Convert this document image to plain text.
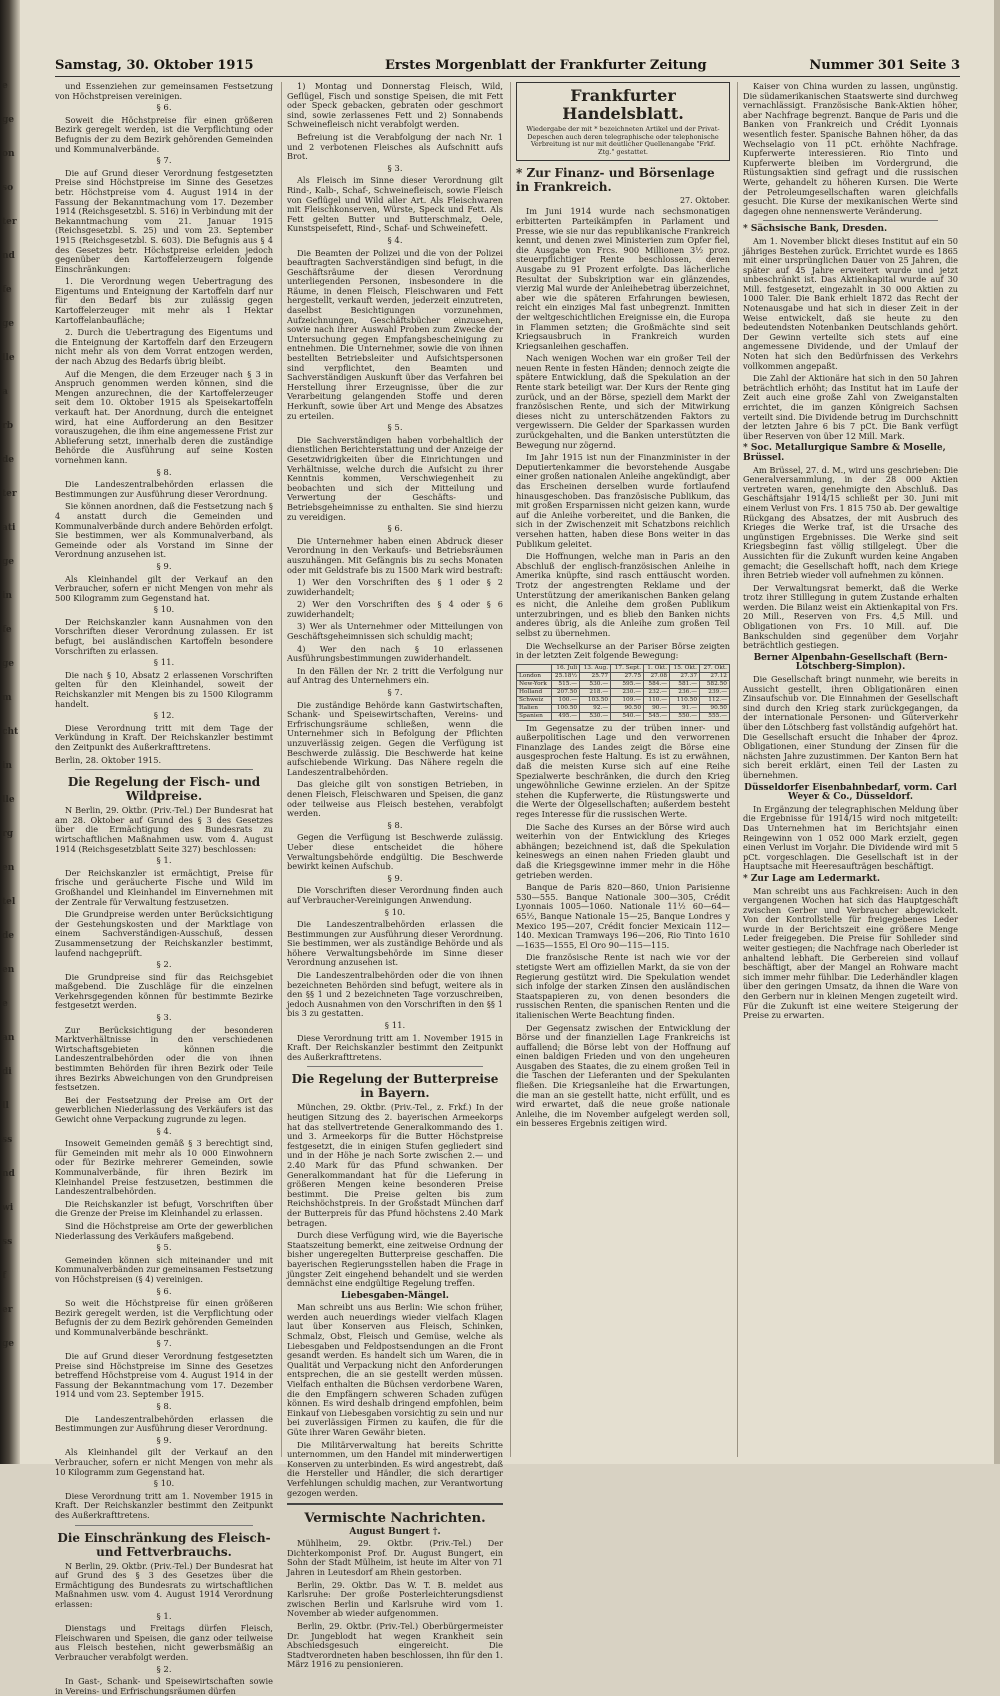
e
ge
on
so
ter
nd
fe
ge
lle
a
rb
de
ter
ati
ge
in
fe
ge
m
cht
in
lle
rg
en
tel
de
en
e
an
di
ll
ss
nd
wi
ss
f
er
ge
Samstag, 30. Oktober 1915	Erstes Morgenblatt der Frankfurter Zeitung	Nummer 301 Seite 3

und Essenziehen zur gemeinsamen Festsetzung von Höchstpreisen vereinigen.

§ 6.

Soweit die Höchstpreise für einen größeren Bezirk geregelt werden, ist die Verpflichtung oder Befugnis der zu dem Bezirk gehörenden Gemeinden und Kommunalverbände.

§ 7.

Die auf Grund dieser Verordnung festgesetzten Preise sind Höchstpreise im Sinne des Gesetzes betr. Höchstpreise vom 4. August 1914 in der Fassung der Bekanntmachung vom 17. Dezember 1914 (Reichsgesetzbl. S. 516) in Verbindung mit der Bekanntmachung vom 21. Januar 1915 (Reichsgesetzbl. S. 25) und vom 23. September 1915 (Reichsgesetzbl. S. 603). Die Befugnis aus § 4 des Gesetzes betr. Höchstpreise erleiden jedoch gegenüber den Kartoffelerzeugern folgende Einschränkungen:

1. Die Verordnung wegen Uebertragung des Eigentums und Enteignung der Kartoffeln darf nur für den Bedarf bis zur zulässig gegen Kartoffelerzeuger mit mehr als 1 Hektar Kartoffelanbaufläche;

2. Durch die Uebertragung des Eigentums und die Enteignung der Kartoffeln darf den Erzeugern nicht mehr als von dem Vorrat entzogen werden, der nach Abzug des Bedarfs übrig bleibt.

Auf die Mengen, die dem Erzeuger nach § 3 in Anspruch genommen werden können, sind die Mengen anzurechnen, die der Kartoffelerzeuger seit dem 10. Oktober 1915 als Speisekartoffeln verkauft hat. Der Anordnung, durch die enteignet wird, hat eine Aufforderung an den Besitzer vorauszugehen, die ihm eine angemessene Frist zur Ablieferung setzt, innerhalb deren die zuständige Behörde die Ausführung auf seine Kosten vornehmen kann.

§ 8.

Die Landeszentralbehörden erlassen die Bestimmungen zur Ausführung dieser Verordnung.

Sie können anordnen, daß die Festsetzung nach § 4 anstatt durch die Gemeinden und Kommunalverbände durch andere Behörden erfolgt. Sie bestimmen, wer als Kommunalverband, als Gemeinde oder als Vorstand im Sinne der Verordnung anzusehen ist.

§ 9.

Als Kleinhandel gilt der Verkauf an den Verbraucher, sofern er nicht Mengen von mehr als 500 Kilogramm zum Gegenstand hat.

§ 10.

Der Reichskanzler kann Ausnahmen von den Vorschriften dieser Verordnung zulassen. Er ist befugt, bei ausländischen Kartoffeln besondere Vorschriften zu erlassen.

§ 11.

Die nach § 10, Absatz 2 erlassenen Vorschriften gelten für den Kleinhandel, soweit der Reichskanzler mit Mengen bis zu 1500 Kilogramm handelt.

§ 12.

Diese Verordnung tritt mit dem Tage der Verkündung in Kraft. Der Reichskanzler bestimmt den Zeitpunkt des Außerkrafttretens.

Berlin, 28. Oktober 1915.

Die Regelung der Fisch- und Wildpreise.

N Berlin, 29. Oktbr. (Priv.-Tel.) Der Bundesrat hat am 28. Oktober auf Grund des § 3 des Gesetzes über die Ermächtigung des Bundesrats zu wirtschaftlichen Maßnahmen usw. vom 4. August 1914 (Reichsgesetzblatt Seite 327) beschlossen:

§ 1.

Der Reichskanzler ist ermächtigt, Preise für frische und geräucherte Fische und Wild im Großhandel und Kleinhandel im Einvernehmen mit der Zentrale für Verwaltung festzusetzen.

Die Grundpreise werden unter Berücksichtigung der Gestehungskosten und der Marktlage von einem Sachverständigen-Ausschuß, dessen Zusammensetzung der Reichskanzler bestimmt, laufend nachgeprüft.

§ 2.

Die Grundpreise sind für das Reichsgebiet maßgebend. Die Zuschläge für die einzelnen Verkehrsgegenden können für bestimmte Bezirke festgesetzt werden.

§ 3.

Zur Berücksichtigung der besonderen Marktverhältnisse in den verschiedenen Wirtschaftsgebieten können die Landeszentralbehörden oder die von ihnen bestimmten Behörden für ihren Bezirk oder Teile ihres Bezirks Abweichungen von den Grundpreisen festsetzen.

Bei der Festsetzung der Preise am Ort der gewerblichen Niederlassung des Verkäufers ist das Gewicht ohne Verpackung zugrunde zu legen.

§ 4.

Insoweit Gemeinden gemäß § 3 berechtigt sind, für Gemeinden mit mehr als 10 000 Einwohnern oder für Bezirke mehrerer Gemeinden, sowie Kommunalverbände, für ihren Bezirk im Kleinhandel Preise festzusetzen, bestimmen die Landeszentralbehörden.

Die Reichskanzler ist befugt, Vorschriften über die Grenze der Preise im Kleinhandel zu erlassen.

Sind die Höchstpreise am Orte der gewerblichen Niederlassung des Verkäufers maßgebend.

§ 5.

Gemeinden können sich miteinander und mit Kommunalverbänden zur gemeinsamen Festsetzung von Höchstpreisen (§ 4) vereinigen.

§ 6.

So weit die Höchstpreise für einen größeren Bezirk geregelt werden, ist die Verpflichtung oder Befugnis der zu dem Bezirk gehörenden Gemeinden und Kommunalverbände beschränkt.

§ 7.

Die auf Grund dieser Verordnung festgesetzten Preise sind Höchstpreise im Sinne des Gesetzes betreffend Höchstpreise vom 4. August 1914 in der Fassung der Bekanntmachung vom 17. Dezember 1914 und vom 23. September 1915.

§ 8.

Die Landeszentralbehörden erlassen die Bestimmungen zur Ausführung dieser Verordnung.

§ 9.

Als Kleinhandel gilt der Verkauf an den Verbraucher, sofern er nicht Mengen von mehr als 10 Kilogramm zum Gegenstand hat.

§ 10.

Diese Verordnung tritt am 1. November 1915 in Kraft. Der Reichskanzler bestimmt den Zeitpunkt des Außerkrafttretens.

Die Einschränkung des Fleisch- und Fettverbrauchs.

N Berlin, 29. Oktbr. (Priv.-Tel.) Der Bundesrat hat auf Grund des § 3 des Gesetzes über die Ermächtigung des Bundesrats zu wirtschaftlichen Maßnahmen usw. vom 4. August 1914 Verordnung erlassen:

§ 1.

Dienstags und Freitags dürfen Fleisch, Fleischwaren und Speisen, die ganz oder teilweise aus Fleisch bestehen, nicht gewerbsmäßig an Verbraucher verabfolgt werden.

§ 2.

In Gast-, Schank- und Speisewirtschaften sowie in Vereins- und Erfrischungsräumen dürfen

1) Montag und Donnerstag Fleisch, Wild, Geflügel, Fisch und sonstige Speisen, die mit Fett oder Speck gebacken, gebraten oder geschmort sind, sowie zerlassenes Fett und 2) Sonnabends Schweinefleisch nicht verabfolgt werden.

Befreiung ist die Verabfolgung der nach Nr. 1 und 2 verbotenen Fleisches als Aufschnitt aufs Brot.

§ 3.

Als Fleisch im Sinne dieser Verordnung gilt Rind-, Kalb-, Schaf-, Schweinefleisch, sowie Fleisch von Geflügel und Wild aller Art. Als Fleischwaren mit Fleischkonserven, Würste, Speck und Fett. Als Fett gelten Butter und Butterschmalz, Oele, Kunstspeisefett, Rind-, Schaf- und Schweinefett.

§ 4.

Die Beamten der Polizei und die von der Polizei beauftragten Sachverständigen sind befugt, in die Geschäftsräume der diesen Verordnung unterliegenden Personen, insbesondere in die Räume, in denen Fleisch, Fleischwaren und Fett hergestellt, verkauft werden, jederzeit einzutreten, daselbst Besichtigungen vorzunehmen, Aufzeichnungen, Geschäftsbücher einzusehen, sowie nach ihrer Auswahl Proben zum Zwecke der Untersuchung gegen Empfangsbescheinigung zu entnehmen. Die Unternehmer, sowie die von ihnen bestellten Betriebsleiter und Aufsichtspersonen sind verpflichtet, den Beamten und Sachverständigen Auskunft über das Verfahren bei Herstellung ihrer Erzeugnisse, über die zur Verarbeitung gelangenden Stoffe und deren Herkunft, sowie über Art und Menge des Absatzes zu erteilen.

§ 5.

Die Sachverständigen haben vorbehaltlich der dienstlichen Berichterstattung und der Anzeige der Gesetzwidrigkeiten über die Einrichtungen und Verhältnisse, welche durch die Aufsicht zu ihrer Kenntnis kommen, Verschwiegenheit zu beobachten und sich der Mitteilung und Verwertung der Geschäfts- und Betriebsgeheimnisse zu enthalten. Sie sind hierzu zu vereidigen.

§ 6.

Die Unternehmer haben einen Abdruck dieser Verordnung in den Verkaufs- und Betriebsräumen auszuhängen. Mit Gefängnis bis zu sechs Monaten oder mit Geldstrafe bis zu 1500 Mark wird bestraft:

1) Wer den Vorschriften des § 1 oder § 2 zuwiderhandelt;

2) Wer den Vorschriften des § 4 oder § 6 zuwiderhandelt;

3) Wer als Unternehmer oder Mitteilungen von Geschäftsgeheimnissen sich schuldig macht;

4) Wer den nach § 10 erlassenen Ausführungsbestimmungen zuwiderhandelt.

In den Fällen der Nr. 2 tritt die Verfolgung nur auf Antrag des Unternehmers ein.

§ 7.

Die zuständige Behörde kann Gastwirtschaften, Schank- und Speisewirtschaften, Vereins- und Erfrischungsräume schließen, wenn die Unternehmer sich in Befolgung der Pflichten unzuverlässig zeigen. Gegen die Verfügung ist Beschwerde zulässig. Die Beschwerde hat keine aufschiebende Wirkung. Das Nähere regeln die Landeszentralbehörden.

Das gleiche gilt von sonstigen Betrieben, in denen Fleisch, Fleischwaren und Speisen, die ganz oder teilweise aus Fleisch bestehen, verabfolgt werden.

§ 8.

Gegen die Verfügung ist Beschwerde zulässig. Ueber diese entscheidet die höhere Verwaltungsbehörde endgültig. Die Beschwerde bewirkt keinen Aufschub.

§ 9.

Die Vorschriften dieser Verordnung finden auch auf Verbraucher-Vereinigungen Anwendung.

§ 10.

Die Landeszentralbehörden erlassen die Bestimmungen zur Ausführung dieser Verordnung. Sie bestimmen, wer als zuständige Behörde und als höhere Verwaltungsbehörde im Sinne dieser Verordnung anzusehen ist.

Die Landeszentralbehörden oder die von ihnen bezeichneten Behörden sind befugt, weitere als in den §§ 1 und 2 bezeichneten Tage vorzuschreiben, jedoch Ausnahmen von den Vorschriften in den §§ 1 bis 3 zu gestatten.

§ 11.

Diese Verordnung tritt am 1. November 1915 in Kraft. Der Reichskanzler bestimmt den Zeitpunkt des Außerkrafttretens.

Die Regelung der Butterpreise in Bayern.

München, 29. Oktbr. (Priv.-Tel., z. Frkf.) In der heutigen Sitzung des 2. bayerischen Armeekorps hat das stellvertretende Generalkommando des 1. und 3. Armeekorps für die Butter Höchstpreise festgesetzt, die in einigen Stufen gegliedert sind und in der Höhe je nach Sorte zwischen 2.— und 2.40 Mark für das Pfund schwanken. Der Generalkommandant hat für die Lieferung in größeren Mengen keine besonderen Preise bestimmt. Die Preise gelten bis zum Reichshöchstpreis. In der Großstadt München darf der Butterpreis für das Pfund höchstens 2.40 Mark betragen.

Durch diese Verfügung wird, wie die Bayerische Staatszeitung bemerkt, eine zeitweise Ordnung der bisher ungeregelten Butterpreise geschaffen. Die bayerischen Regierungsstellen haben die Frage in jüngster Zeit eingehend behandelt und sie werden demnächst eine endgültige Regelung treffen.

Liebesgaben-Mängel.

Man schreibt uns aus Berlin: Wie schon früher, werden auch neuerdings wieder vielfach Klagen laut über Konserven aus Fleisch, Schinken, Schmalz, Obst, Fleisch und Gemüse, welche als Liebesgaben und Feldpostsendungen an die Front gesandt werden. Es handelt sich um Waren, die in Qualität und Verpackung nicht den Anforderungen entsprechen, die an sie gestellt werden müssen. Vielfach enthalten die Büchsen verdorbene Waren, die den Empfängern schweren Schaden zufügen können. Es wird deshalb dringend empfohlen, beim Einkauf von Liebesgaben vorsichtig zu sein und nur bei zuverlässigen Firmen zu kaufen, die für die Güte ihrer Waren Gewähr bieten.

Die Militärverwaltung hat bereits Schritte unternommen, um den Handel mit minderwertigen Konserven zu unterbinden. Es wird angestrebt, daß die Hersteller und Händler, die sich derartiger Verfehlungen schuldig machen, zur Verantwortung gezogen werden.

Vermischte Nachrichten.

August Bungert †.

Mühlheim, 29. Oktbr. (Priv.-Tel.) Der Dichterkomponist Prof. Dr. August Bungert, ein Sohn der Stadt Mülheim, ist heute im Alter von 71 Jahren in Leutesdorf am Rhein gestorben.

Berlin, 29. Oktbr. Das W. T. B. meldet aus Karlsruhe: Der große Posterleichterungsdienst zwischen Berlin und Karlsruhe wird vom 1. November ab wieder aufgenommen.

Berlin, 29. Oktbr. (Priv.-Tel.) Oberbürgermeister Dr. Jungeblodt hat wegen Krankheit sein Abschiedsgesuch eingereicht. Die Stadtverordneten haben beschlossen, ihn für den 1. März 1916 zu pensionieren.

Frankfurter Handelsblatt.
Wiedergabe der mit * bezeichneten Artikel und der Privat-Depeschen auch deren telegraphische oder telephonische Verbreitung ist nur mit deutlicher Quellenangabe "Frkf. Ztg." gestattet.
* Zur Finanz- und Börsenlage in Frankreich.
27. Oktober.

Im Juni 1914 wurde nach sechsmonatigen erbitterten Parteikämpfen in Parlament und Presse, wie sie nur das republikanische Frankreich kennt, und denen zwei Ministerien zum Opfer fiel, die Ausgabe von Frcs. 900 Millionen 3½ proz. steuerpflichtiger Rente beschlossen, deren Ausgabe zu 91 Prozent erfolgte. Das lächerliche Resultat der Subskription war ein glänzendes, vierzig Mal wurde der Anleihebetrag überzeichnet, aber wie die späteren Erfahrungen bewiesen, reicht ein einziges Mal fast unbegrenzt. Inmitten der weltgeschichtlichen Ereignisse ein, die Europa in Flammen setzten; die Großmächte sind seit Kriegsausbruch in Frankreich wurden Kriegsanleihen geschaffen.

Nach wenigen Wochen war ein großer Teil der neuen Rente in festen Händen; dennoch zeigte die spätere Entwicklung, daß die Spekulation an der Rente stark beteiligt war. Der Kurs der Rente ging zurück, und an der Börse, speziell dem Markt der französischen Rente, und sich der Mitwirkung dieses nicht zu unterschätzenden Faktors zu vergewissern. Die Gelder der Sparkassen wurden zurückgehalten, und die Banken unterstützten die Bewegung nur zögernd.

Im Jahr 1915 ist nun der Finanzminister in der Deputiertenkammer die bevorstehende Ausgabe einer großen nationalen Anleihe angekündigt, aber das Erscheinen derselben wurde fortlaufend hinausgeschoben. Das französische Publikum, das mit großen Ersparnissen nicht geizen kann, wurde auf die Anleihe vorbereitet, und die Banken, die sich in der Zwischenzeit mit Schatzbons reichlich versehen hatten, haben diese Bons weiter in das Publikum geleitet.

Die Hoffnungen, welche man in Paris an den Abschluß der englisch-französischen Anleihe in Amerika knüpfte, sind rasch enttäuscht worden. Trotz der angestrengten Reklame und der Unterstützung der amerikanischen Banken gelang es nicht, die Anleihe dem großen Publikum unterzubringen, und es blieb den Banken nichts anderes übrig, als die Anleihe zum großen Teil selbst zu übernehmen.

Die Wechselkurse an der Pariser Börse zeigten in der letzten Zeit folgende Bewegung:

	16. Juli	13. Aug.	17. Sept.	1. Okt.	15. Okt.	27. Okt.
London	25.18½	25.77	27.75	27.08	27.37	27.12
New-York	515.—	530.—	595.—	584.—	581.—	582.50
Holland	207.50	218.—	230.—	232.—	236.—	239.—
Schweiz	100.—	103.50	109.—	110.—	110.50	112.—
Italien	100.50	92.—	90.50	90.—	91.—	90.50
Spanien	495.—	530.—	540.—	545.—	550.—	555.—

Im Gegensatze zu der trüben inner- und außerpolitischen Lage und den verworrenen Finanzlage des Landes zeigt die Börse eine ausgesprochen feste Haltung. Es ist zu erwähnen, daß die meisten Kurse sich auf eine Reihe Spezialwerte beschränken, die durch den Krieg ungewöhnliche Gewinne erzielen. An der Spitze stehen die Kupferwerte, die Rüstungswerte und die Werte der Ölgesellschaften; außerdem besteht reges Interesse für die russischen Werte.

Die Sache des Kurses an der Börse wird auch weiterhin von der Entwicklung des Krieges abhängen; bezeichnend ist, daß die Spekulation keineswegs an einen nahen Frieden glaubt und daß die Kriegsgewinne immer mehr in die Höhe getrieben werden.

Banque de Paris 820—860, Union Parisienne 530—555. Banque Nationale 300—305, Crédit Lyonnais 1005—1060. Nationale 11½ 60—64—65½, Banque Nationale 15—25, Banque Londres y Mexico 195—207, Crédit foncier Mexicain 112—140. Mexican Tramways 196—206, Rio Tinto 1610—1635—1555, El Oro 90—115—115.

Die französische Rente ist nach wie vor der stetigste Wert am offiziellen Markt, da sie von der Regierung gestützt wird. Die Spekulation wendet sich infolge der starken Zinsen den ausländischen Staatspapieren zu, von denen besonders die russischen Renten, die spanischen Renten und die italienischen Werte Beachtung finden.

Der Gegensatz zwischen der Entwicklung der Börse und der finanziellen Lage Frankreichs ist auffallend; die Börse lebt von der Hoffnung auf einen baldigen Frieden und von den ungeheuren Ausgaben des Staates, die zu einem großen Teil in die Taschen der Lieferanten und der Spekulanten fließen. Die Kriegsanleihe hat die Erwartungen, die man an sie gestellt hatte, nicht erfüllt, und es wird erwartet, daß die neue große nationale Anleihe, die im November aufgelegt werden soll, ein besseres Ergebnis zeitigen wird.

Kaiser von China wurden zu lassen, ungünstig. Die südamerikanischen Staatswerte sind durchweg vernachlässigt. Französische Bank-Aktien höher, aber Nachfrage begrenzt. Banque de Paris und die Banken von Frankreich und Crédit Lyonnais wesentlich fester. Spanische Bahnen höher, da das Wechselagio von 11 pCt. erhöhte Nachfrage. Kupferwerte interessieren. Rio Tinto und Kupferwerte bleiben im Vordergrund, die Rüstungsaktien sind gefragt und die russischen Werte, gehandelt zu höheren Kursen. Die Werte der Petroleumgesellschaften waren gleichfalls gesucht. Die Kurse der mexikanischen Werte sind dagegen ohne nennenswerte Veränderung.

* Sächsische Bank, Dresden.

Am 1. November blickt dieses Institut auf ein 50 jähriges Bestehen zurück. Errichtet wurde es 1865 mit einer ursprünglichen Dauer von 25 Jahren, die später auf 45 Jahre erweitert wurde und jetzt unbeschränkt ist. Das Aktienkapital wurde auf 30 Mill. festgesetzt, eingezahlt in 30 000 Aktien zu 1000 Taler. Die Bank erhielt 1872 das Recht der Notenausgabe und hat sich in dieser Zeit in der Weise entwickelt, daß sie heute zu den bedeutendsten Notenbanken Deutschlands gehört. Der Gewinn verteilte sich stets auf eine angemessene Dividende, und der Umlauf der Noten hat sich den Bedürfnissen des Verkehrs vollkommen angepaßt.

Die Zahl der Aktionäre hat sich in den 50 Jahren beträchtlich erhöht; das Institut hat im Laufe der Zeit auch eine große Zahl von Zweiganstalten errichtet, die im ganzen Königreich Sachsen verteilt sind. Die Dividende betrug im Durchschnitt der letzten Jahre 6 bis 7 pCt. Die Bank verfügt über Reserven von über 12 Mill. Mark.

* Soc. Metallurgique Sambre & Moselle, Brüssel.

Am Brüssel, 27. d. M., wird uns geschrieben: Die Generalversammlung, in der 28 000 Aktien vertreten waren, genehmigte den Abschluß. Das Geschäftsjahr 1914/15 schließt per 30. Juni mit einem Verlust von Frs. 1 815 750 ab. Der gewaltige Rückgang des Absatzes, der mit Ausbruch des Krieges die Werke traf, ist die Ursache des ungünstigen Ergebnisses. Die Werke sind seit Kriegsbeginn fast völlig stillgelegt. Über die Aussichten für die Zukunft wurden keine Angaben gemacht; die Gesellschaft hofft, nach dem Kriege ihren Betrieb wieder voll aufnehmen zu können.

Der Verwaltungsrat bemerkt, daß die Werke trotz ihrer Stilllegung in gutem Zustande erhalten werden. Die Bilanz weist ein Aktienkapital von Frs. 20 Mill., Reserven von Frs. 4,5 Mill. und Obligationen von Frs. 10 Mill. auf. Die Bankschulden sind gegenüber dem Vorjahr beträchtlich gestiegen.

Berner Alpenbahn-Gesellschaft (Bern-Lötschberg-Simplon).

Die Gesellschaft bringt nunmehr, wie bereits in Aussicht gestellt, ihren Obligationären einen Zinsaufschub vor. Die Einnahmen der Gesellschaft sind durch den Krieg stark zurückgegangen, da der internationale Personen- und Güterverkehr über den Lötschberg fast vollständig aufgehört hat. Die Gesellschaft ersucht die Inhaber der 4proz. Obligationen, einer Stundung der Zinsen für die nächsten Jahre zuzustimmen. Der Kanton Bern hat sich bereit erklärt, einen Teil der Lasten zu übernehmen.

Düsseldorfer Eisenbahnbedarf, vorm. Carl Weyer & Co., Düsseldorf.

In Ergänzung der telegraphischen Meldung über die Ergebnisse für 1914/15 wird noch mitgeteilt: Das Unternehmen hat im Berichtsjahr einen Reingewinn von 1 052 000 Mark erzielt, gegen einen Verlust im Vorjahr. Die Dividende wird mit 5 pCt. vorgeschlagen. Die Gesellschaft ist in der Hauptsache mit Heeresaufträgen beschäftigt.

* Zur Lage am Ledermarkt.

Man schreibt uns aus Fachkreisen: Auch in den vergangenen Wochen hat sich das Hauptgeschäft zwischen Gerber und Verbraucher abgewickelt. Von der Kontrollstelle für freigegebenes Leder wurde in der Berichtszeit eine größere Menge Leder freigegeben. Die Preise für Sohlleder sind weiter gestiegen; die Nachfrage nach Oberleder ist anhaltend lebhaft. Die Gerbereien sind vollauf beschäftigt, aber der Mangel an Rohware macht sich immer mehr fühlbar. Die Lederhändler klagen über den geringen Umsatz, da ihnen die Ware von den Gerbern nur in kleinen Mengen zugeteilt wird. Für die Zukunft ist eine weitere Steigerung der Preise zu erwarten.
